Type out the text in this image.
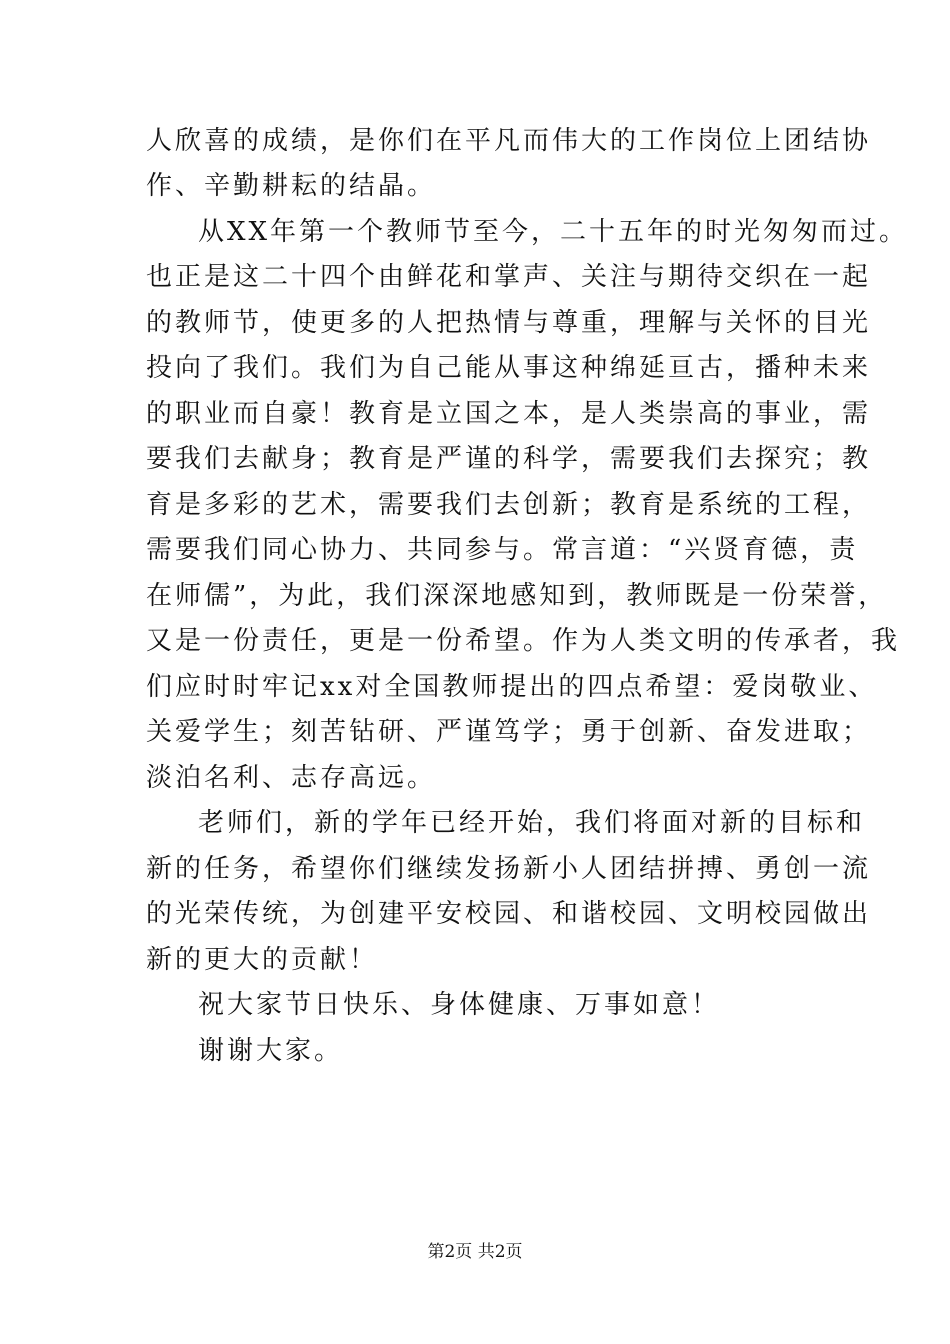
人欣喜的成绩，是你们在平凡而伟大的工作岗位上团结协
作、辛勤耕耘的结晶。
从XX年第一个教师节至今，二十五年的时光匆匆而过。
也正是这二十四个由鲜花和掌声、关注与期待交织在一起
的教师节，使更多的人把热情与尊重，理解与关怀的目光
投向了我们。我们为自己能从事这种绵延亘古，播种未来
的职业而自豪！教育是立国之本，是人类崇高的事业，需
要我们去献身；教育是严谨的科学，需要我们去探究；教
育是多彩的艺术，需要我们去创新；教育是系统的工程，
需要我们同心协力、共同参与。常言道：“兴贤育德，责
在师儒”，为此，我们深深地感知到，教师既是一份荣誉，
又是一份责任，更是一份希望。作为人类文明的传承者，我
们应时时牢记xx对全国教师提出的四点希望：爱岗敬业、
关爱学生；刻苦钻研、严谨笃学；勇于创新、奋发进取；
淡泊名利、志存高远。
老师们，新的学年已经开始，我们将面对新的目标和
新的任务，希望你们继续发扬新小人团结拼搏、勇创一流
的光荣传统，为创建平安校园、和谐校园、文明校园做出
新的更大的贡献！
祝大家节日快乐、身体健康、万事如意！
谢谢大家。
第2页 共2页
